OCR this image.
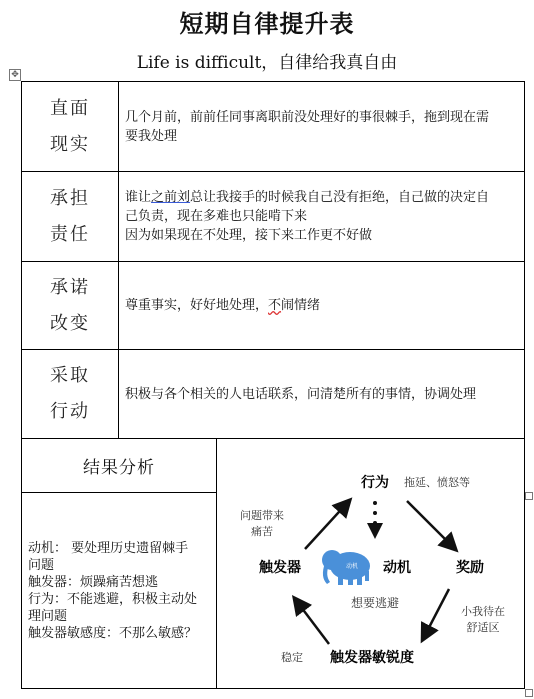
短期自律提升表
Life is difficult，自律给我真自由
✥
直面
现实
几个月前，前前任同事离职前没处理好的事很棘手，拖到现在需
要我处理
承担
责任
谁让之前刘总让我接手的时候我自己没有拒绝，自己做的决定自
己负责，现在多难也只能啃下来
因为如果现在不处理，接下来工作更不好做
承诺
改变
尊重事实，好好地处理，不闹情绪
采取
行动
积极与各个相关的人电话联系，问清楚所有的事情，协调处理
结果分析
动机： 要处理历史遗留棘手
问题
触发器：烦躁痛苦想逃
行为：不能逃避，积极主动处
理问题
触发器敏感度：不那么敏感？
行为 拖延、愤怒等
问题带来
痛苦
触发器	动机 动机
想要逃避
奖励
小我待在
舒适区
触发器敏锐度
稳定
